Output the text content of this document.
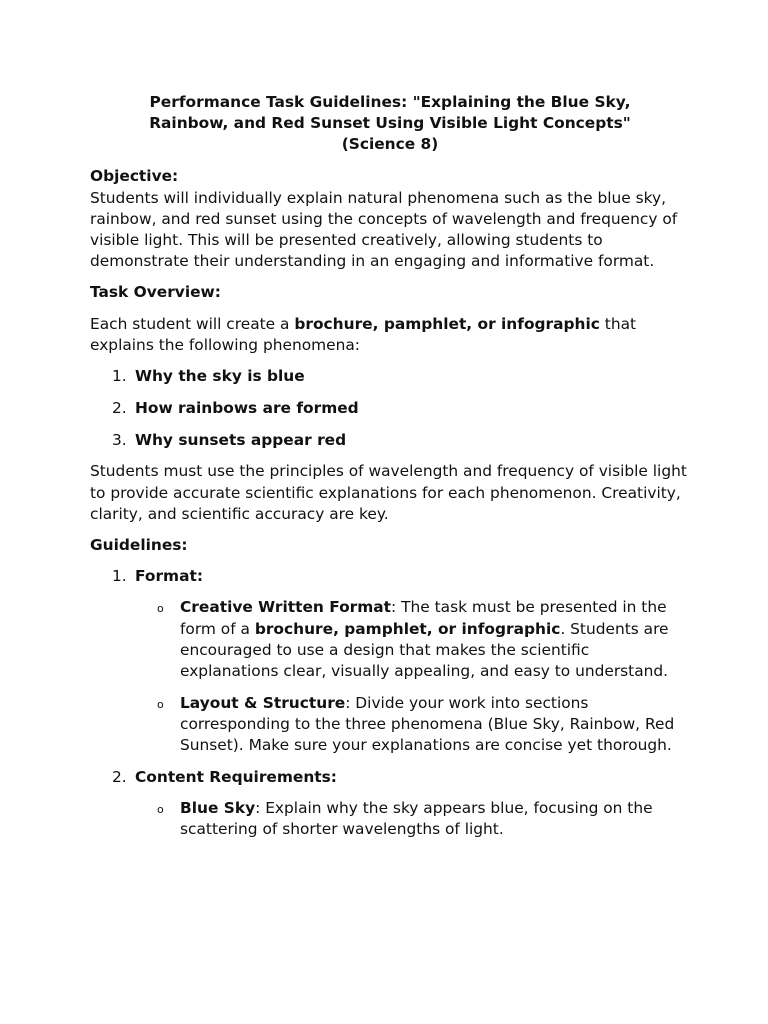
Performance Task Guidelines: "Explaining the Blue Sky,
Rainbow, and Red Sunset Using Visible Light Concepts"
(Science 8)

Objective:

Students will individually explain natural phenomena such as the blue sky, rainbow, and red sunset using the concepts of wavelength and frequency of visible light. This will be presented creatively, allowing students to demonstrate their understanding in an engaging and informative format.

Task Overview:

Each student will create a brochure, pamphlet, or infographic that explains the following phenomena:

1. Why the sky is blue
2. How rainbows are formed
3. Why sunsets appear red

Students must use the principles of wavelength and frequency of visible light to provide accurate scientific explanations for each phenomenon. Creativity, clarity, and scientific accuracy are key.

Guidelines:

1. Format:
o Creative Written Format: The task must be presented in the form of a brochure, pamphlet, or infographic. Students are encouraged to use a design that makes the scientific explanations clear, visually appealing, and easy to understand.
o Layout & Structure: Divide your work into sections corresponding to the three phenomena (Blue Sky, Rainbow, Red Sunset). Make sure your explanations are concise yet thorough.
2. Content Requirements:
o Blue Sky: Explain why the sky appears blue, focusing on the scattering of shorter wavelengths of light.
